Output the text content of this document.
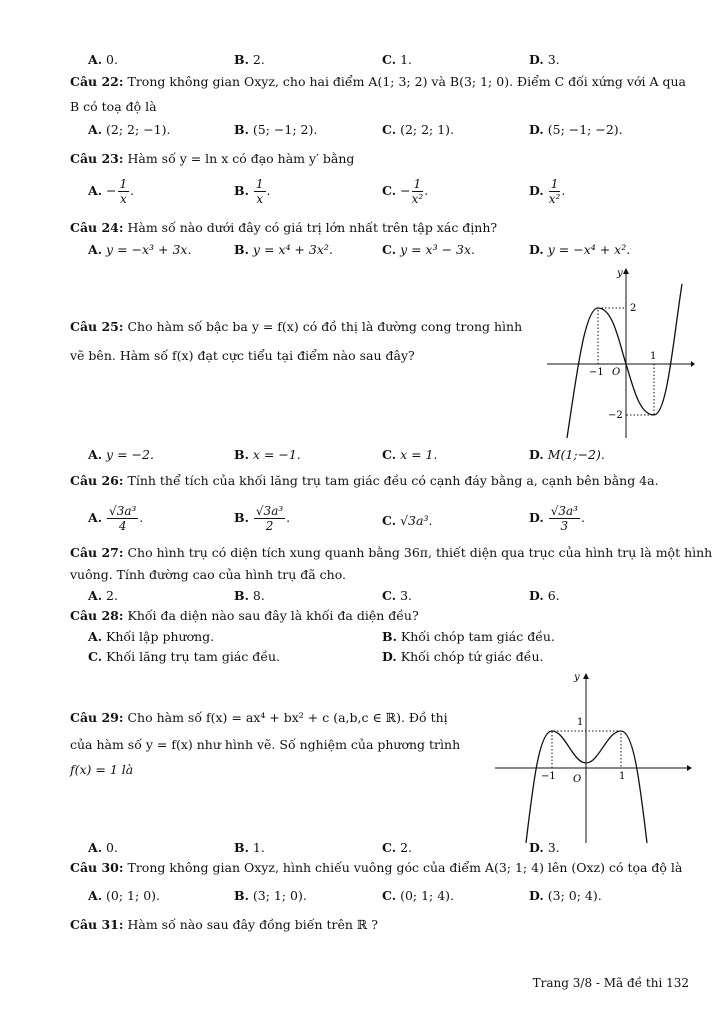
A. 0.	B. 2.	C. 1.	D. 3.
Câu 22: Trong không gian Oxyz, cho hai điểm A(1; 3; 2) và B(3; 1; 0). Điểm C đối xứng với A qua
B có toạ độ là
A. (2; 2; −1).	B. (5; −1; 2).	C. (2; 2; 1).	D. (5; −1; −2).
Câu 23: Hàm số y = ln x có đạo hàm y′ bằng
A. − $\frac{1}{x}$ .	B. $\frac{1}{x}$ .	C. − $\frac{1}{\text{x²}}$ .	D. $\frac{1}{\text{x²}}$ .
Câu 24: Hàm số nào dưới đây có giá trị lớn nhất trên tập xác định?
A. y = −x³ + 3x.	B. y = x⁴ + 3x².	C. y = x³ − 3x.	D. y = −x⁴ + x².
Câu 25: Cho hàm số bậc ba y = f(x) có đồ thị là đường cong trong hình
vẽ bên. Hàm số f(x) đạt cực tiểu tại điểm nào sau đây?
y
2
−1 O
1
−2
A. y = −2.	B. x = −1.	C. x = 1.	D. M(1;−2).
Câu 26: Tính thể tích của khối lăng trụ tam giác đều có cạnh đáy bằng a, cạnh bên bằng 4a.
A. $\frac{\text{√3a³}}{4}$ .	B. $\frac{\text{√3a³}}{2}$ .	C. √3a³.	D. $\frac{\text{√3a³}}{3}$ .
Câu 27: Cho hình trụ có diện tích xung quanh bằng 36π, thiết diện qua trục của hình trụ là một hình
vuông. Tính đường cao của hình trụ đã cho.
A. 2.	B. 8.	C. 3.	D. 6.
Câu 28: Khối đa diện nào sau đây là khối đa diện đều?
A. Khối lập phương.	B. Khối chóp tam giác đều.
C. Khối lăng trụ tam giác đều.	D. Khối chóp tứ giác đều.
Câu 29: Cho hàm số f(x) = ax⁴ + bx² + c (a,b,c ∈ ℝ). Đồ thị
của hàm số y = f(x) như hình vẽ. Số nghiệm của phương trình
f(x) = 1 là
y
1
−1 O	1
A. 0.	B. 1.	C. 2.	D. 3.
Câu 30: Trong không gian Oxyz, hình chiếu vuông góc của điểm A(3; 1; 4) lên (Oxz) có tọa độ là
A. (0; 1; 0).	B. (3; 1; 0).	C. (0; 1; 4).	D. (3; 0; 4).
Câu 31: Hàm số nào sau đây đồng biến trên ℝ ?
Trang 3/8 - Mã đề thi 132
